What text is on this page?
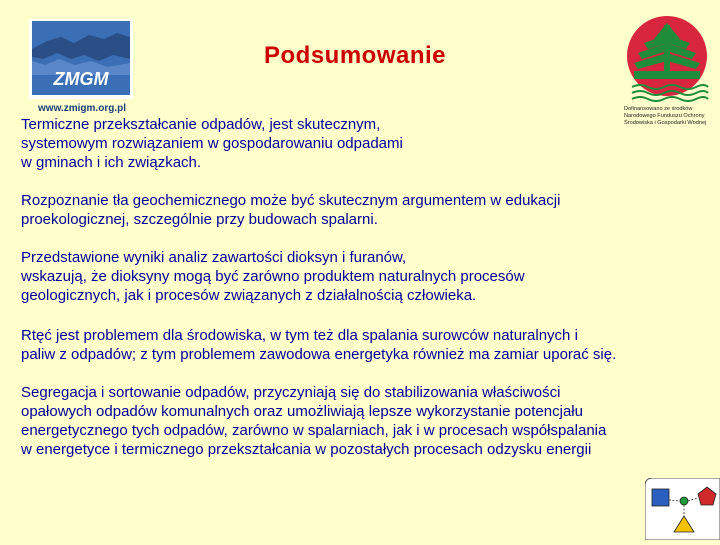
ZMGM
www.zmigm.org.pl
Podsumowanie
Dofinansowano ze środków
Narodowego Funduszu Ochrony
Środowiska i Gospodarki Wodnej

Termiczne przekształcanie odpadów, jest skutecznym,
systemowym rozwiązaniem w gospodarowaniu odpadami
w gminach i ich związkach.

Rozpoznanie tła geochemicznego może być skutecznym argumentem w edukacji
proekologicznej, szczególnie przy budowach spalarni.

Przedstawione wyniki analiz zawartości dioksyn i furanów,
wskazują, że dioksyny mogą być zarówno produktem naturalnych procesów
geologicznych, jak i procesów związanych z działalnością człowieka.

Rtęć jest problemem dla środowiska, w tym też dla spalania surowców naturalnych i
paliw z odpadów; z tym problemem zawodowa energetyka również ma zamiar uporać się.

Segregacja i sortowanie odpadów, przyczyniają się do stabilizowania właściwości
opałowych odpadów komunalnych oraz umożliwiają lepsze wykorzystanie potencjału
energetycznego tych odpadów, zarówno w spalarniach, jak i w procesach współspalania
w energetyce i termicznego przekształcania w pozostałych procesach odzysku energii
